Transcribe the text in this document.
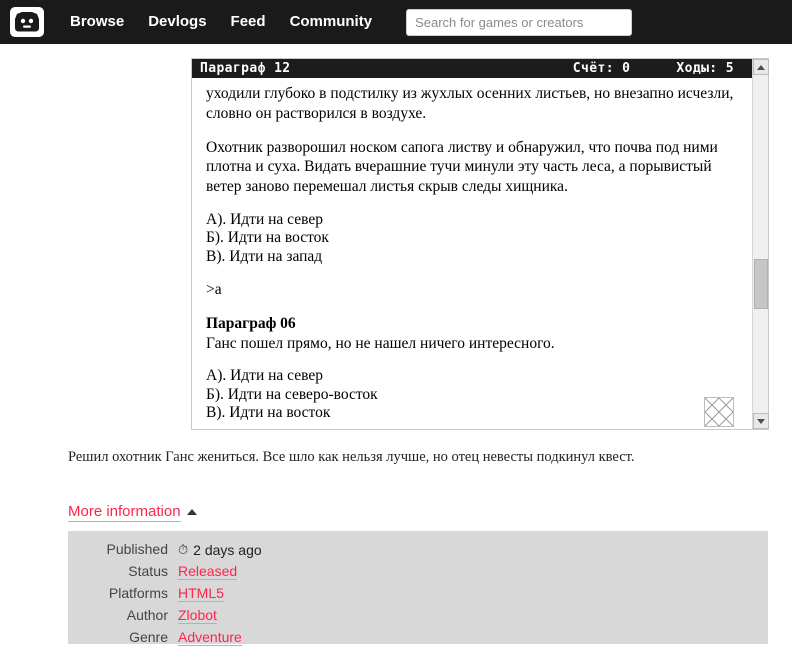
Browse	Devlogs	Feed	Community
Search for games or creators
Параграф 12	Счёт: 0	Ходы: 5

уходили глубоко в подстилку из жухлых осенних листьев, но внезапно исчезли, словно он растворился в воздухе.

Охотник разворошил носком сапога листву и обнаружил, что почва под ними плотна и суха. Видать вчерашние тучи минули эту часть леса, а порывистый ветер заново перемешал листья скрыв следы хищника.

А). Идти на север
Б). Идти на восток
В). Идти на запад

>a

Параграф 06

Ганс пошел прямо, но не нашел ничего интересного.

А). Идти на север
Б). Идти на северо-восток
В). Идти на восток
Решил охотник Ганс жениться. Все шло как нельзя лучше, но отец невесты подкинул квест.
More information
Published ⏱ 2 days ago
Status Released
Platforms HTML5
Author Zlobot
Genre Adventure
